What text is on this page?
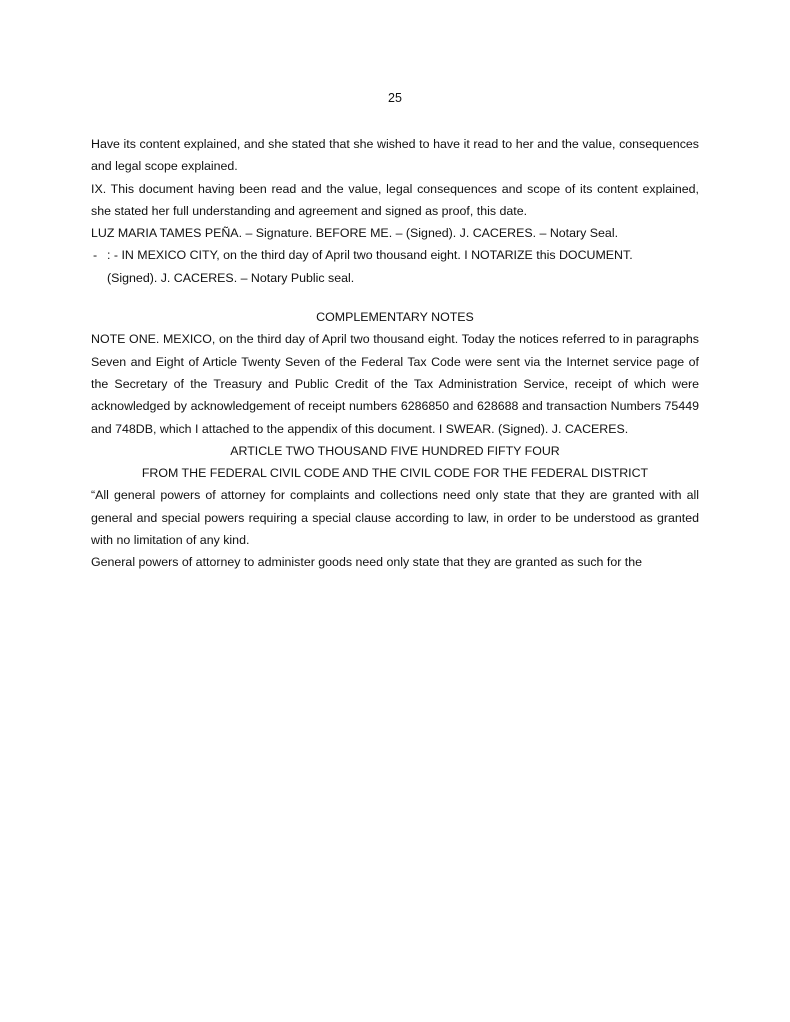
25

Have its content explained, and she stated that she wished to have it read to her and the value, consequences and legal scope explained.

IX. This document having been read and the value, legal consequences and scope of its content explained, she stated her full understanding and agreement and signed as proof, this date.

LUZ MARIA TAMES PEÑA. – Signature. BEFORE ME. – (Signed). J. CACERES. – Notary Seal.

- : - IN MEXICO CITY, on the third day of April two thousand eight. I NOTARIZE this DOCUMENT.
(Signed). J. CACERES. – Notary Public seal.

COMPLEMENTARY NOTES

NOTE ONE. MEXICO, on the third day of April two thousand eight. Today the notices referred to in paragraphs Seven and Eight of Article Twenty Seven of the Federal Tax Code were sent via the Internet service page of the Secretary of the Treasury and Public Credit of the Tax Administration Service, receipt of which were acknowledged by acknowledgement of receipt numbers 6286850 and 628688 and transaction Numbers 75449 and 748DB, which I attached to the appendix of this document. I SWEAR. (Signed). J. CACERES.

ARTICLE TWO THOUSAND FIVE HUNDRED FIFTY FOUR

FROM THE FEDERAL CIVIL CODE AND THE CIVIL CODE FOR THE FEDERAL DISTRICT

“All general powers of attorney for complaints and collections need only state that they are granted with all general and special powers requiring a special clause according to law, in order to be understood as granted with no limitation of any kind.

General powers of attorney to administer goods need only state that they are granted as such for the
